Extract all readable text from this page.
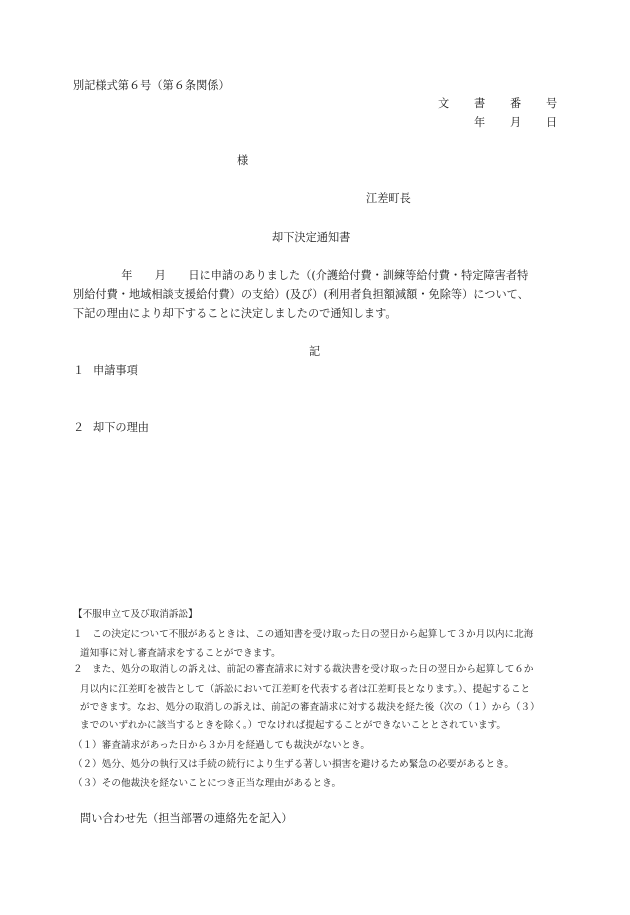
別記様式第６号（第６条関係）
文 書 番 号
年 月 日
様
江差町長
却下決定通知書
　年　　月　　日に申請のありました（(介護給付費・訓練等給付費・特定障害者特
別給付費・地域相談支援給付費）の支給）(及び）(利用者負担額減額・免除等）について、
下記の理由により却下することに決定しましたので通知します。
記
１ 申請事項
２ 却下の理由
【不服申立て及び取消訴訟】
１　この決定について不服があるときは、この通知書を受け取った日の翌日から起算して３か月以内に北海
道知事に対し審査請求をすることができます。
２　また、処分の取消しの訴えは、前記の審査請求に対する裁決書を受け取った日の翌日から起算して６か
月以内に江差町を被告として（訴訟において江差町を代表する者は江差町長となります。）、提起すること
ができます。なお、処分の取消しの訴えは、前記の審査請求に対する裁決を経た後（次の（１）から（３）
までのいずれかに該当するときを除く。）でなければ提起することができないこととされています。
（１）審査請求があった日から３か月を経過しても裁決がないとき。
（２）処分、処分の執行又は手続の続行により生ずる著しい損害を避けるため緊急の必要があるとき。
（３）その他裁決を経ないことにつき正当な理由があるとき。
問い合わせ先（担当部署の連絡先を記入）
